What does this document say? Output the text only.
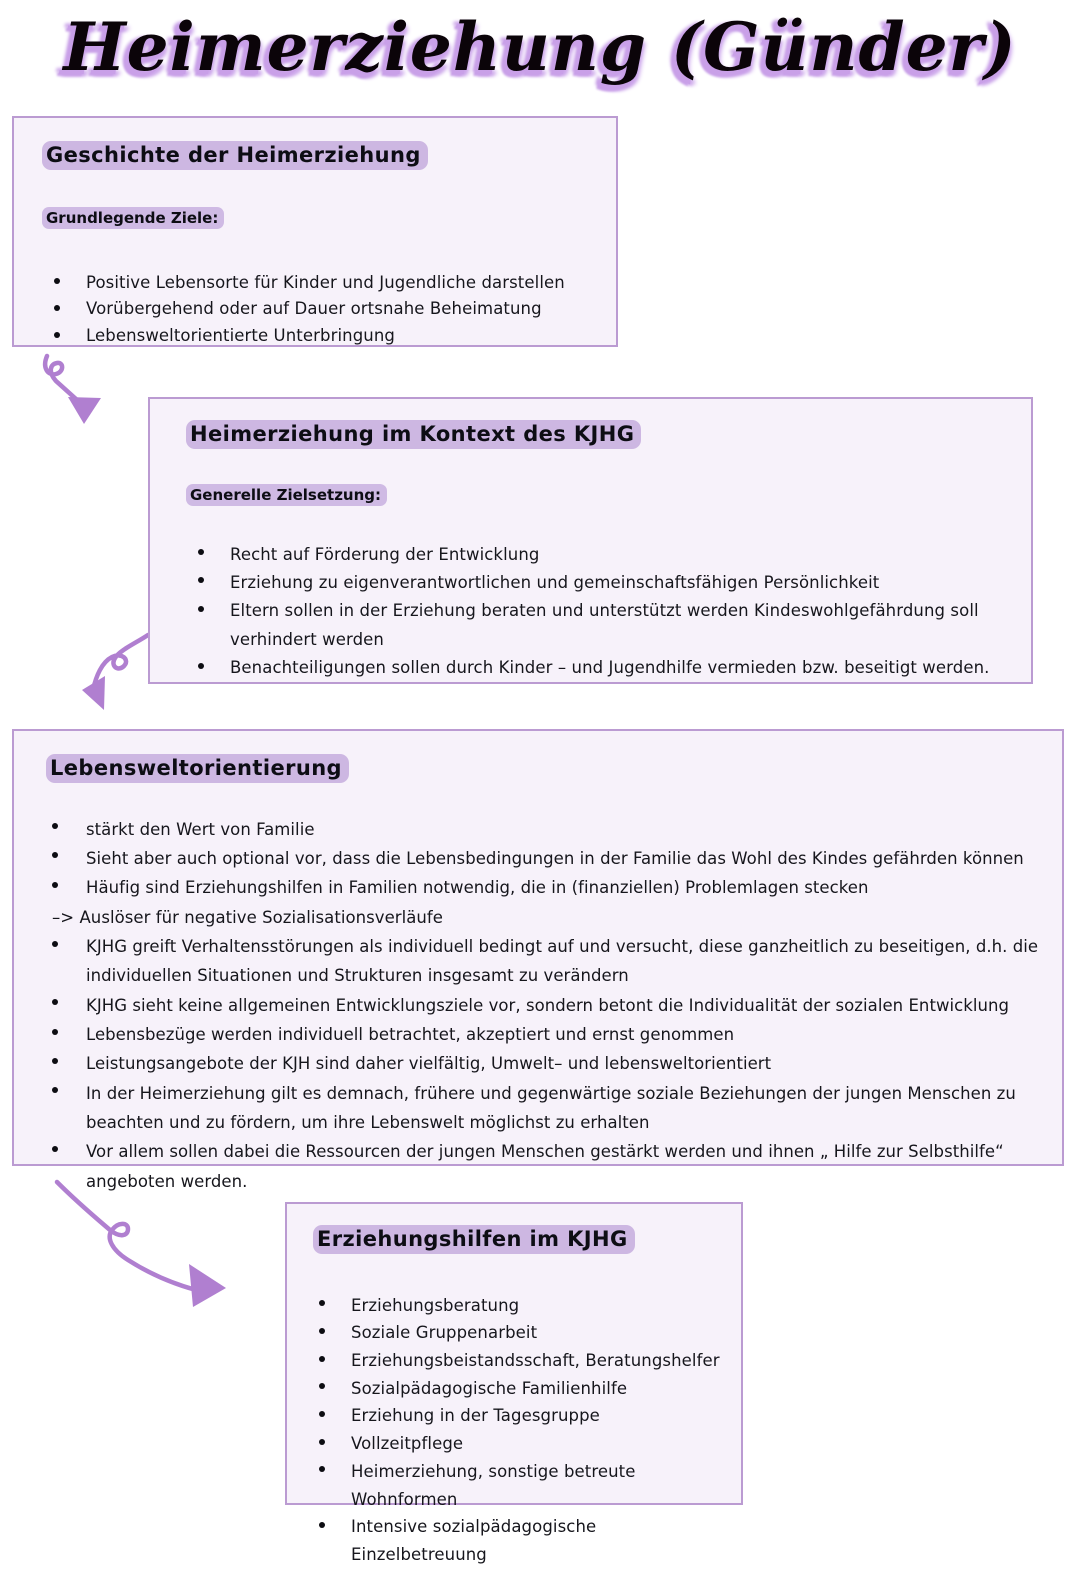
Heimerziehung (Günder)
Geschichte der Heimerziehung
Grundlegende Ziele:
Positive Lebensorte für Kinder und Jugendliche darstellen
Vorübergehend oder auf Dauer ortsnahe Beheimatung
Lebensweltorientierte Unterbringung
Heimerziehung im Kontext des KJHG
Generelle Zielsetzung:
Recht auf Förderung der Entwicklung
Erziehung zu eigenverantwortlichen und gemeinschaftsfähigen Persönlichkeit
Eltern sollen in der Erziehung beraten und unterstützt werden Kindeswohlgefährdung soll verhindert werden
Benachteiligungen sollen durch Kinder – und Jugendhilfe vermieden bzw. beseitigt werden.
Lebensweltorientierung
stärkt den Wert von Familie
Sieht aber auch optional vor, dass die Lebensbedingungen in der Familie das Wohl des Kindes gefährden können
Häufig sind Erziehungshilfen in Familien notwendig, die in (finanziellen) Problemlagen stecken
–> Auslöser für negative Sozialisationsverläufe
KJHG greift Verhaltensstörungen als individuell bedingt auf und versucht, diese ganzheitlich zu beseitigen, d.h. die individuellen Situationen und Strukturen insgesamt zu verändern
KJHG sieht keine allgemeinen Entwicklungsziele vor, sondern betont die Individualität der sozialen Entwicklung
Lebensbezüge werden individuell betrachtet, akzeptiert und ernst genommen
Leistungsangebote der KJH sind daher vielfältig, Umwelt– und lebensweltorientiert
In der Heimerziehung gilt es demnach, frühere und gegenwärtige soziale Beziehungen der jungen Menschen zu beachten und zu fördern, um ihre Lebenswelt möglichst zu erhalten
Vor allem sollen dabei die Ressourcen der jungen Menschen gestärkt werden und ihnen „ Hilfe zur Selbsthilfe“ angeboten werden.
Erziehungshilfen im KJHG
Erziehungsberatung
Soziale Gruppenarbeit
Erziehungsbeistandsschaft, Beratungshelfer
Sozialpädagogische Familienhilfe
Erziehung in der Tagesgruppe
Vollzeitpflege
Heimerziehung, sonstige betreute Wohnformen
Intensive sozialpädagogische Einzelbetreuung
